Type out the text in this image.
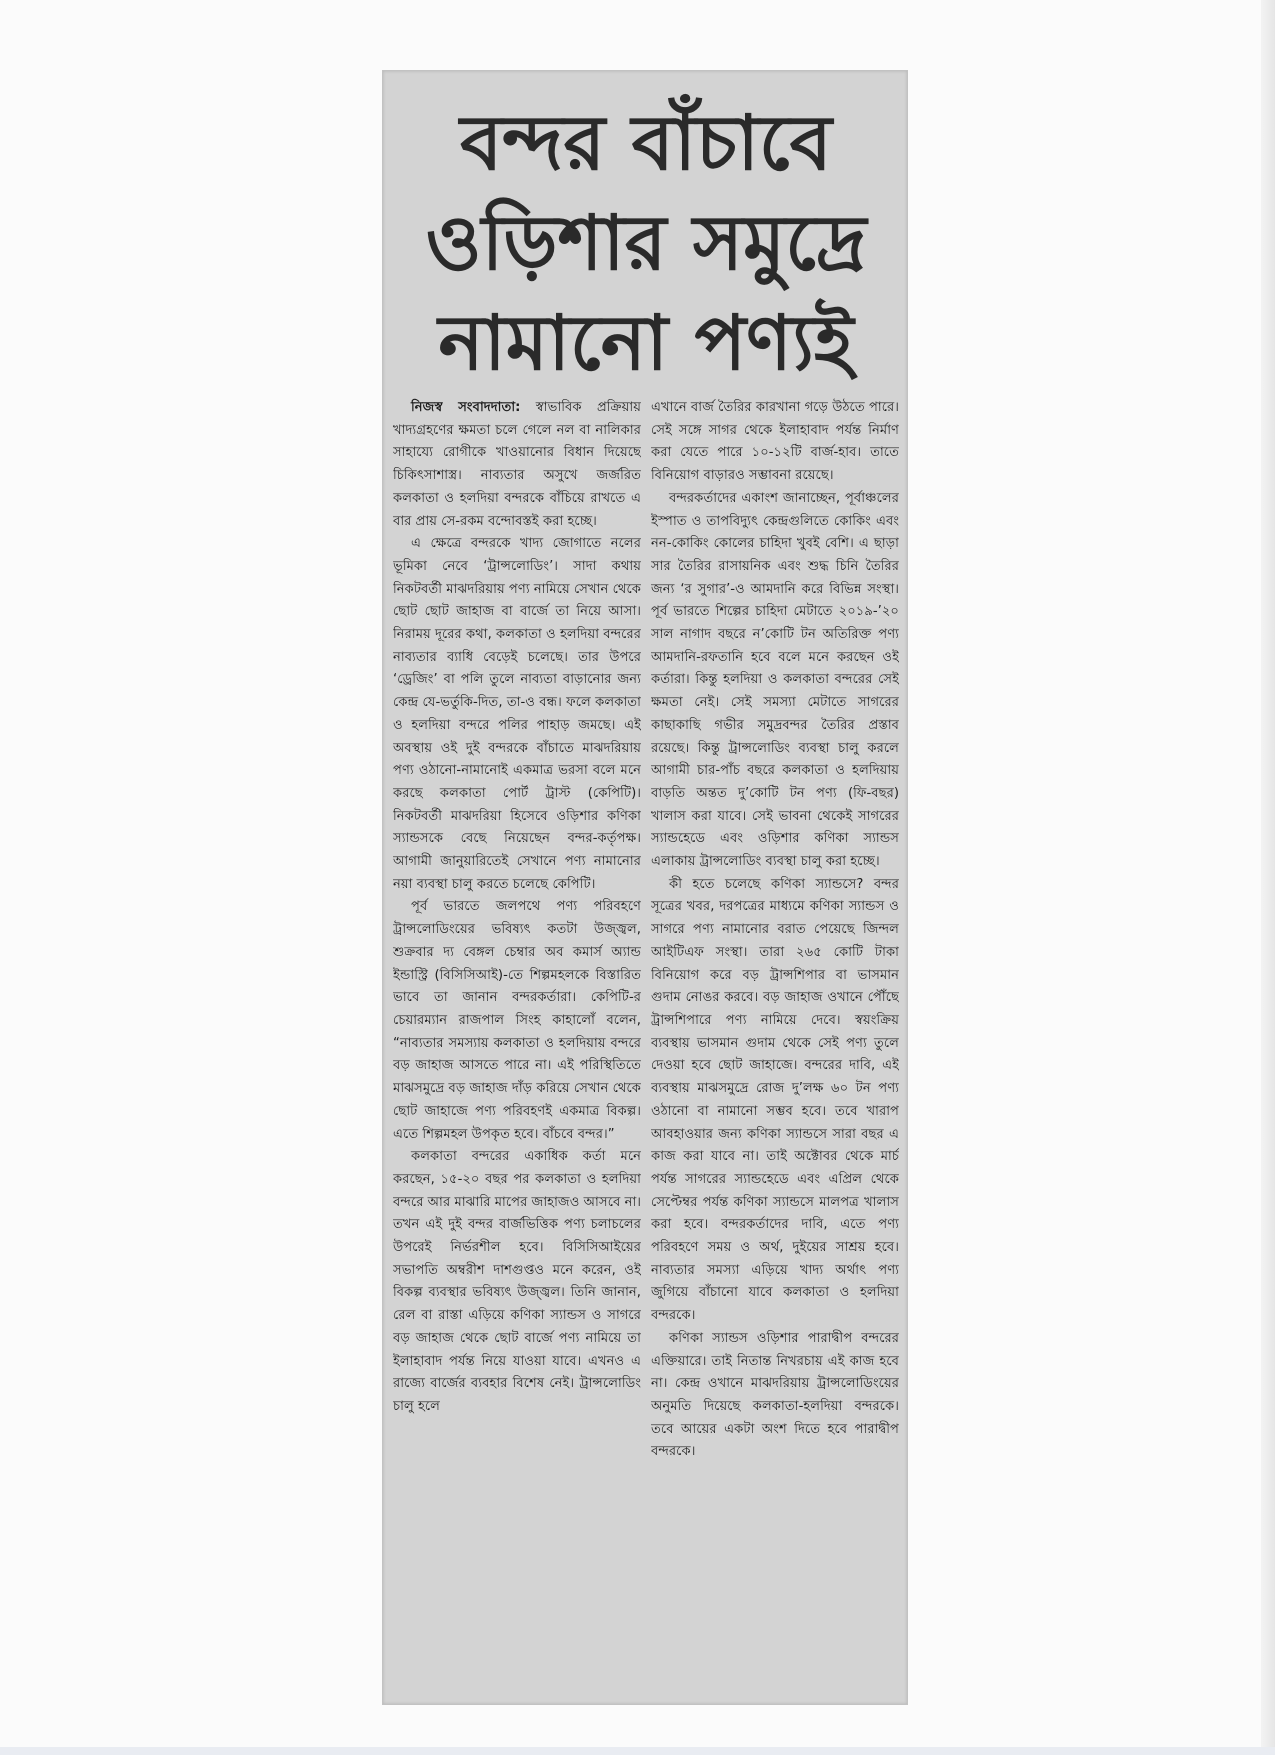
বন্দর বাঁচাবে
ওড়িশার সমুদ্রে
নামানো পণ্যই

নিজস্ব সংবাদদাতা: স্বাভাবিক প্রক্রিয়ায় খাদ্যগ্রহণের ক্ষমতা চলে গেলে নল বা নালিকার সাহায্যে রোগীকে খাওয়ানোর বিধান দিয়েছে চিকিৎসাশাস্ত্র। নাব্যতার অসুখে জর্জরিত কলকাতা ও হলদিয়া বন্দরকে বাঁচিয়ে রাখতে এ বার প্রায় সে-রকম বন্দোবস্তই করা হচ্ছে।

এ ক্ষেত্রে বন্দরকে খাদ্য জোগাতে নলের ভূমিকা নেবে ‘ট্রান্সলোডিং’। সাদা কথায় নিকটবর্তী মাঝদরিয়ায় পণ্য নামিয়ে সেখান থেকে ছোট ছোট জাহাজ বা বার্জে তা নিয়ে আসা। নিরাময় দূরের কথা, কলকাতা ও হলদিয়া বন্দরের নাব্যতার ব্যাধি বেড়েই চলেছে। তার উপরে ‘ড্রেজিং’ বা পলি তুলে নাব্যতা বাড়ানোর জন্য কেন্দ্র যে-ভর্তুকি-দিত, তা-ও বন্ধ। ফলে কলকাতা ও হলদিয়া বন্দরে পলির পাহাড় জমছে। এই অবস্থায় ওই দুই বন্দরকে বাঁচাতে মাঝদরিয়ায় পণ্য ওঠানো-নামানোই একমাত্র ভরসা বলে মনে করছে কলকাতা পোর্ট ট্রাস্ট (কেপিটি)। নিকটবর্তী মাঝদরিয়া হিসেবে ওড়িশার কণিকা স্যান্ডসকে বেছে নিয়েছেন বন্দর-কর্তৃপক্ষ। আগামী জানুয়ারিতেই সেখানে পণ্য নামানোর নয়া ব্যবস্থা চালু করতে চলেছে কেপিটি।

পূর্ব ভারতে জলপথে পণ্য পরিবহণে ট্রান্সলোডিংয়ের ভবিষ্যৎ কতটা উজ্জ্বল, শুক্রবার দ্য বেঙ্গল চেম্বার অব কমার্স অ্যান্ড ইন্ডাস্ট্রি (বিসিসিআই)-তে শিল্পমহলকে বিস্তারিত ভাবে তা জানান বন্দরকর্তারা। কেপিটি-র চেয়ারম্যান রাজপাল সিংহ কাহালোঁ বলেন, “নাব্যতার সমস্যায় কলকাতা ও হলদিয়ায় বন্দরে বড় জাহাজ আসতে পারে না। এই পরিস্থিতিতে মাঝসমুদ্রে বড় জাহাজ দাঁড় করিয়ে সেখান থেকে ছোট জাহাজে পণ্য পরিবহণই একমাত্র বিকল্প। এতে শিল্পমহল উপকৃত হবে। বাঁচবে বন্দর।”

কলকাতা বন্দরের একাধিক কর্তা মনে করছেন, ১৫-২০ বছর পর কলকাতা ও হলদিয়া বন্দরে আর মাঝারি মাপের জাহাজও আসবে না। তখন এই দুই বন্দর বার্জভিত্তিক পণ্য চলাচলের উপরেই নির্ভরশীল হবে। বিসিসিআইয়ের সভাপতি অম্বরীশ দাশগুপ্তও মনে করেন, ওই বিকল্প ব্যবস্থার ভবিষ্যৎ উজ্জ্বল। তিনি জানান, রেল বা রাস্তা এড়িয়ে কণিকা স্যান্ডস ও সাগরে বড় জাহাজ থেকে ছোট বার্জে পণ্য নামিয়ে তা ইলাহাবাদ পর্যন্ত নিয়ে যাওয়া যাবে। এখনও এ রাজ্যে বার্জের ব্যবহার বিশেষ নেই। ট্রান্সলোডিং চালু হলে

এখানে বার্জ তৈরির কারখানা গড়ে উঠতে পারে। সেই সঙ্গে সাগর থেকে ইলাহাবাদ পর্যন্ত নির্মাণ করা যেতে পারে ১০-১২টি বার্জ-হাব। তাতে বিনিয়োগ বাড়ারও সম্ভাবনা রয়েছে।

বন্দরকর্তাদের একাংশ জানাচ্ছেন, পূর্বাঞ্চলের ইস্পাত ও তাপবিদ্যুৎ কেন্দ্রগুলিতে কোকিং এবং নন-কোকিং কোলের চাহিদা খুবই বেশি। এ ছাড়া সার তৈরির রাসায়নিক এবং শুদ্ধ চিনি তৈরির জন্য ‘র সুগার’-ও আমদানি করে বিভিন্ন সংস্থা। পূর্ব ভারতে শিল্পের চাহিদা মেটাতে ২০১৯-’২০ সাল নাগাদ বছরে ন’কোটি টন অতিরিক্ত পণ্য আমদানি-রফতানি হবে বলে মনে করছেন ওই কর্তারা। কিন্তু হলদিয়া ও কলকাতা বন্দরের সেই ক্ষমতা নেই। সেই সমস্যা মেটাতে সাগরের কাছাকাছি গভীর সমুদ্রবন্দর তৈরির প্রস্তাব রয়েছে। কিন্তু ট্রান্সলোডিং ব্যবস্থা চালু করলে আগামী চার-পাঁচ বছরে কলকাতা ও হলদিয়ায় বাড়তি অন্তত দু’কোটি টন পণ্য (ফি-বছর) খালাস করা যাবে। সেই ভাবনা থেকেই সাগরের স্যান্ডহেডে এবং ওড়িশার কণিকা স্যান্ডস এলাকায় ট্রান্সলোডিং ব্যবস্থা চালু করা হচ্ছে।

কী হতে চলেছে কণিকা স্যান্ডসে? বন্দর সূত্রের খবর, দরপত্রের মাধ্যমে কণিকা স্যান্ডস ও সাগরে পণ্য নামানোর বরাত পেয়েছে জিন্দল আইটিএফ সংস্থা। তারা ২৬৫ কোটি টাকা বিনিয়োগ করে বড় ট্রান্সশিপার বা ভাসমান গুদাম নোঙর করবে। বড় জাহাজ ওখানে পৌঁছে ট্রান্সশিপারে পণ্য নামিয়ে দেবে। স্বয়ংক্রিয় ব্যবস্থায় ভাসমান গুদাম থেকে সেই পণ্য তুলে দেওয়া হবে ছোট জাহাজে। বন্দরের দাবি, এই ব্যবস্থায় মাঝসমুদ্রে রোজ দু’লক্ষ ৬০ টন পণ্য ওঠানো বা নামানো সম্ভব হবে। তবে খারাপ আবহাওয়ার জন্য কণিকা স্যান্ডসে সারা বছর এ কাজ করা যাবে না। তাই অক্টোবর থেকে মার্চ পর্যন্ত সাগরের স্যান্ডহেডে এবং এপ্রিল থেকে সেপ্টেম্বর পর্যন্ত কণিকা স্যান্ডসে মালপত্র খালাস করা হবে। বন্দরকর্তাদের দাবি, এতে পণ্য পরিবহণে সময় ও অর্থ, দুইয়ের সাশ্রয় হবে। নাব্যতার সমস্যা এড়িয়ে খাদ্য অর্থাৎ পণ্য জুগিয়ে বাঁচানো যাবে কলকাতা ও হলদিয়া বন্দরকে।

কণিকা স্যান্ডস ওড়িশার পারাদ্বীপ বন্দরের এক্তিয়ারে। তাই নিতান্ত নিখরচায় এই কাজ হবে না। কেন্দ্র ওখানে মাঝদরিয়ায় ট্রান্সলোডিংয়ের অনুমতি দিয়েছে কলকাতা-হলদিয়া বন্দরকে। তবে আয়ের একটা অংশ দিতে হবে পারাদ্বীপ বন্দরকে।
